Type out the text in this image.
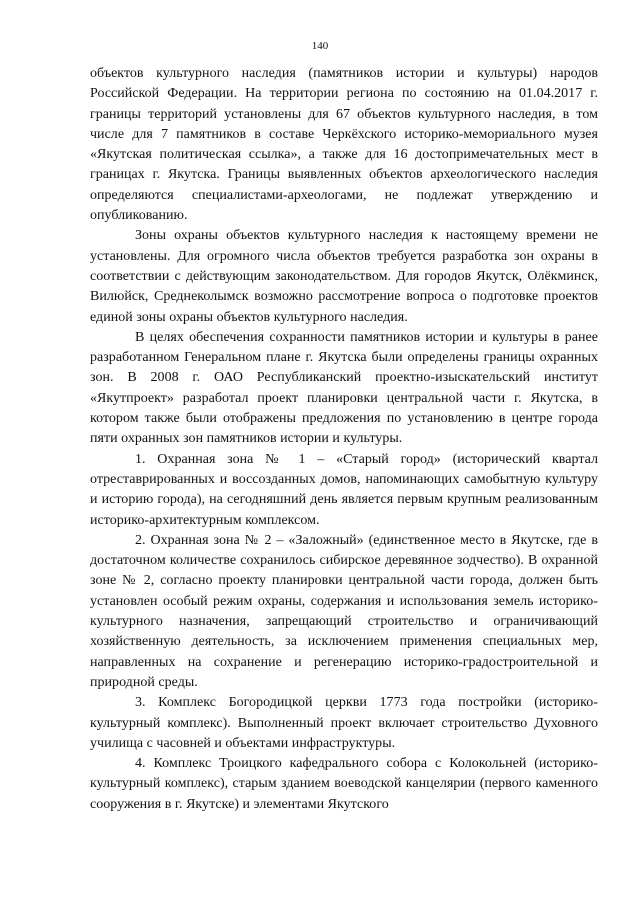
140

объектов культурного наследия (памятников истории и культуры) народов Российской Федерации. На территории региона по состоянию на 01.04.2017 г. границы территорий установлены для 67 объектов культурного наследия, в том числе для 7 памятников в составе Черкёхского историко-мемориального музея «Якутская политическая ссылка», а также для 16 достопримечательных мест в границах г. Якутска. Границы выявленных объектов археологического наследия определяются специалистами-археологами, не подлежат утверждению и опубликованию.

Зоны охраны объектов культурного наследия к настоящему времени не установлены. Для огромного числа объектов требуется разработка зон охраны в соответствии с действующим законодательством. Для городов Якутск, Олёкминск, Вилюйск, Среднеколымск возможно рассмотрение вопроса о подготовке проектов единой зоны охраны объектов культурного наследия.

В целях обеспечения сохранности памятников истории и культуры в ранее разработанном Генеральном плане г. Якутска были определены границы охранных зон. В 2008 г. ОАО Республиканский проектно-изыскательский институт «Якутпроект» разработал проект планировки центральной части г. Якутска, в котором также были отображены предложения по установлению в центре города пяти охранных зон памятников истории и культуры.

1. Охранная зона № 1 – «Старый город» (исторический квартал отреставрированных и воссозданных домов, напоминающих самобытную культуру и историю города), на сегодняшний день является первым крупным реализованным историко-архитектурным комплексом.

2. Охранная зона № 2 – «Заложный» (единственное место в Якутске, где в достаточном количестве сохранилось сибирское деревянное зодчество). В охранной зоне № 2, согласно проекту планировки центральной части города, должен быть установлен особый режим охраны, содержания и использования земель историко-культурного назначения, запрещающий строительство и ограничивающий хозяйственную деятельность, за исключением применения специальных мер, направленных на сохранение и регенерацию историко-градостроительной и природной среды.

3. Комплекс Богородицкой церкви 1773 года постройки (историко-культурный комплекс). Выполненный проект включает строительство Духовного училища с часовней и объектами инфраструктуры.

4. Комплекс Троицкого кафедрального собора с Колокольней (историко-культурный комплекс), старым зданием воеводской канцелярии (первого каменного сооружения в г. Якутске) и элементами Якутского
